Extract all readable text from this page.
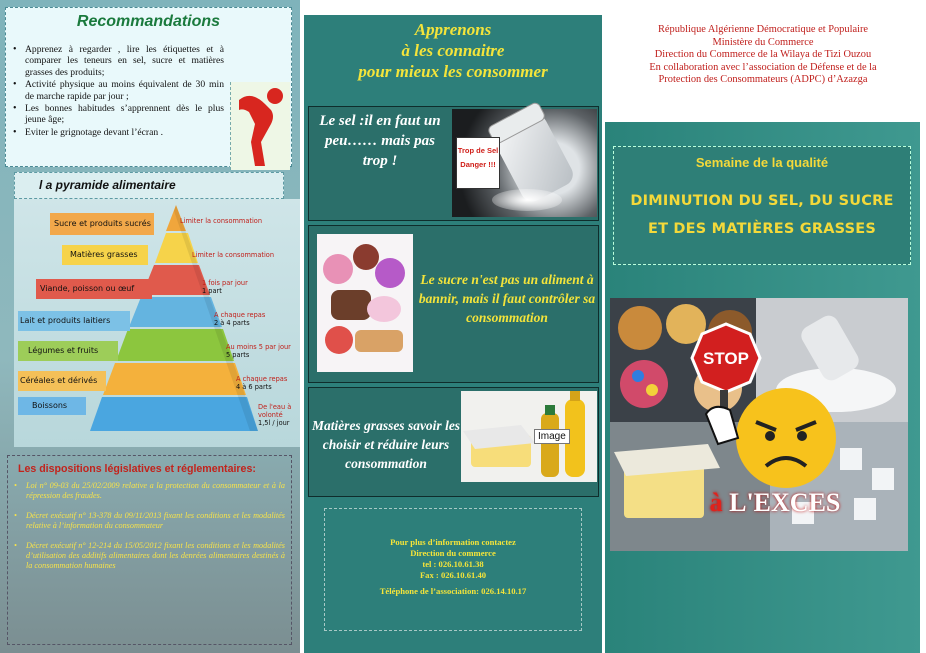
Recommandations
• Apprenez à regarder , lire les étiquettes et à comparer les teneurs en sel, sucre et matières grasses des produits;
• Activité physique au moins équivalent de 30 min de marche rapide par jour ;
• Les bonnes habitudes s’apprennent dès le plus jeune âge;
• Eviter le grignotage devant l’écran .
l a pyramide alimentaire
Sucre et produits sucrés
Matières grasses
Viande, poisson ou œuf
Lait et produits laitiers
Légumes et fruits
Céréales et dérivés
Boissons
Limiter la consommation
Limiter la consommation
1 fois par jour
1 part
A chaque repas
2 à 4 parts
Au moins 5 par jour
5 parts
A chaque repas
4 à 6 parts
De l'eau à volonté
1,5l / jour
Les dispositions législatives et réglementaires:
• Loi n° 09-03 du 25/02/2009 relative a la protection du consommateur et à la répression des fraudes.
• Décret exécutif n° 13-378 du 09/11/2013 fixant les conditions et les modalités relative à l’information du consommateur
• Décret exécutif n° 12-214 du 15/05/2012 fixant les conditions et les modalités d’utilisation des additifs alimentaires dont les denrées alimentaires destinés à la consommation humaines
Apprenons
à les connaitre
pour mieux les consommer
Le sel :il en faut un peu…… mais pas trop !
Trop de Sel
Danger !!!
Le sucre n'est pas un aliment à bannir, mais il faut contrôler sa consommation
Matières grasses savoir les choisir et réduire leurs consommation
Image
Pour plus d’information contactez
Direction du commerce
tel : 026.10.61.38
Fax : 026.10.61.40
Téléphone de l’association: 026.14.10.17
République Algérienne Démocratique et Populaire
Ministère du Commerce
Direction du Commerce de la Wilaya de Tizi Ouzou
En collaboration avec l’association de Défense et de la
Protection des Consommateurs (ADPC) d’Azazga
Semaine de la qualité
DIMINUTION DU SEL, DU SUCRE
ET DES MATIÈRES GRASSES
STOP
à L'EXCES
